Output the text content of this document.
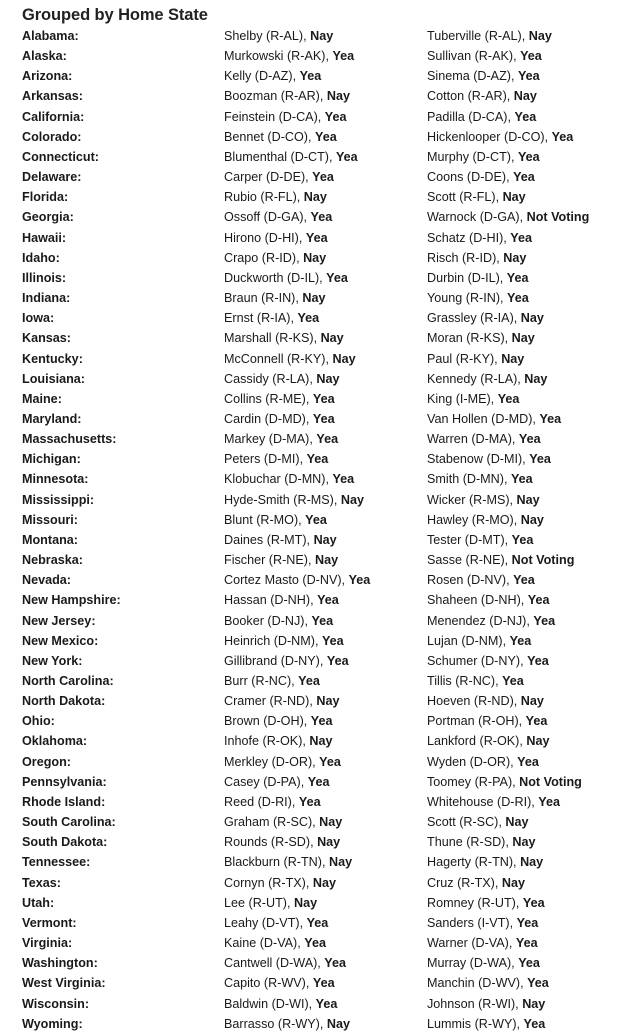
Grouped by Home State
Alabama:	Shelby (R-AL), Nay	Tuberville (R-AL), Nay
Alaska:	Murkowski (R-AK), Yea	Sullivan (R-AK), Yea
Arizona:	Kelly (D-AZ), Yea	Sinema (D-AZ), Yea
Arkansas:	Boozman (R-AR), Nay	Cotton (R-AR), Nay
California:	Feinstein (D-CA), Yea	Padilla (D-CA), Yea
Colorado:	Bennet (D-CO), Yea	Hickenlooper (D-CO), Yea
Connecticut:	Blumenthal (D-CT), Yea	Murphy (D-CT), Yea
Delaware:	Carper (D-DE), Yea	Coons (D-DE), Yea
Florida:	Rubio (R-FL), Nay	Scott (R-FL), Nay
Georgia:	Ossoff (D-GA), Yea	Warnock (D-GA), Not Voting
Hawaii:	Hirono (D-HI), Yea	Schatz (D-HI), Yea
Idaho:	Crapo (R-ID), Nay	Risch (R-ID), Nay
Illinois:	Duckworth (D-IL), Yea	Durbin (D-IL), Yea
Indiana:	Braun (R-IN), Nay	Young (R-IN), Yea
Iowa:	Ernst (R-IA), Yea	Grassley (R-IA), Nay
Kansas:	Marshall (R-KS), Nay	Moran (R-KS), Nay
Kentucky:	McConnell (R-KY), Nay	Paul (R-KY), Nay
Louisiana:	Cassidy (R-LA), Nay	Kennedy (R-LA), Nay
Maine:	Collins (R-ME), Yea	King (I-ME), Yea
Maryland:	Cardin (D-MD), Yea	Van Hollen (D-MD), Yea
Massachusetts:	Markey (D-MA), Yea	Warren (D-MA), Yea
Michigan:	Peters (D-MI), Yea	Stabenow (D-MI), Yea
Minnesota:	Klobuchar (D-MN), Yea	Smith (D-MN), Yea
Mississippi:	Hyde-Smith (R-MS), Nay	Wicker (R-MS), Nay
Missouri:	Blunt (R-MO), Yea	Hawley (R-MO), Nay
Montana:	Daines (R-MT), Nay	Tester (D-MT), Yea
Nebraska:	Fischer (R-NE), Nay	Sasse (R-NE), Not Voting
Nevada:	Cortez Masto (D-NV), Yea	Rosen (D-NV), Yea
New Hampshire:	Hassan (D-NH), Yea	Shaheen (D-NH), Yea
New Jersey:	Booker (D-NJ), Yea	Menendez (D-NJ), Yea
New Mexico:	Heinrich (D-NM), Yea	Lujan (D-NM), Yea
New York:	Gillibrand (D-NY), Yea	Schumer (D-NY), Yea
North Carolina:	Burr (R-NC), Yea	Tillis (R-NC), Yea
North Dakota:	Cramer (R-ND), Nay	Hoeven (R-ND), Nay
Ohio:	Brown (D-OH), Yea	Portman (R-OH), Yea
Oklahoma:	Inhofe (R-OK), Nay	Lankford (R-OK), Nay
Oregon:	Merkley (D-OR), Yea	Wyden (D-OR), Yea
Pennsylvania:	Casey (D-PA), Yea	Toomey (R-PA), Not Voting
Rhode Island:	Reed (D-RI), Yea	Whitehouse (D-RI), Yea
South Carolina:	Graham (R-SC), Nay	Scott (R-SC), Nay
South Dakota:	Rounds (R-SD), Nay	Thune (R-SD), Nay
Tennessee:	Blackburn (R-TN), Nay	Hagerty (R-TN), Nay
Texas:	Cornyn (R-TX), Nay	Cruz (R-TX), Nay
Utah:	Lee (R-UT), Nay	Romney (R-UT), Yea
Vermont:	Leahy (D-VT), Yea	Sanders (I-VT), Yea
Virginia:	Kaine (D-VA), Yea	Warner (D-VA), Yea
Washington:	Cantwell (D-WA), Yea	Murray (D-WA), Yea
West Virginia:	Capito (R-WV), Yea	Manchin (D-WV), Yea
Wisconsin:	Baldwin (D-WI), Yea	Johnson (R-WI), Nay
Wyoming:	Barrasso (R-WY), Nay	Lummis (R-WY), Yea
